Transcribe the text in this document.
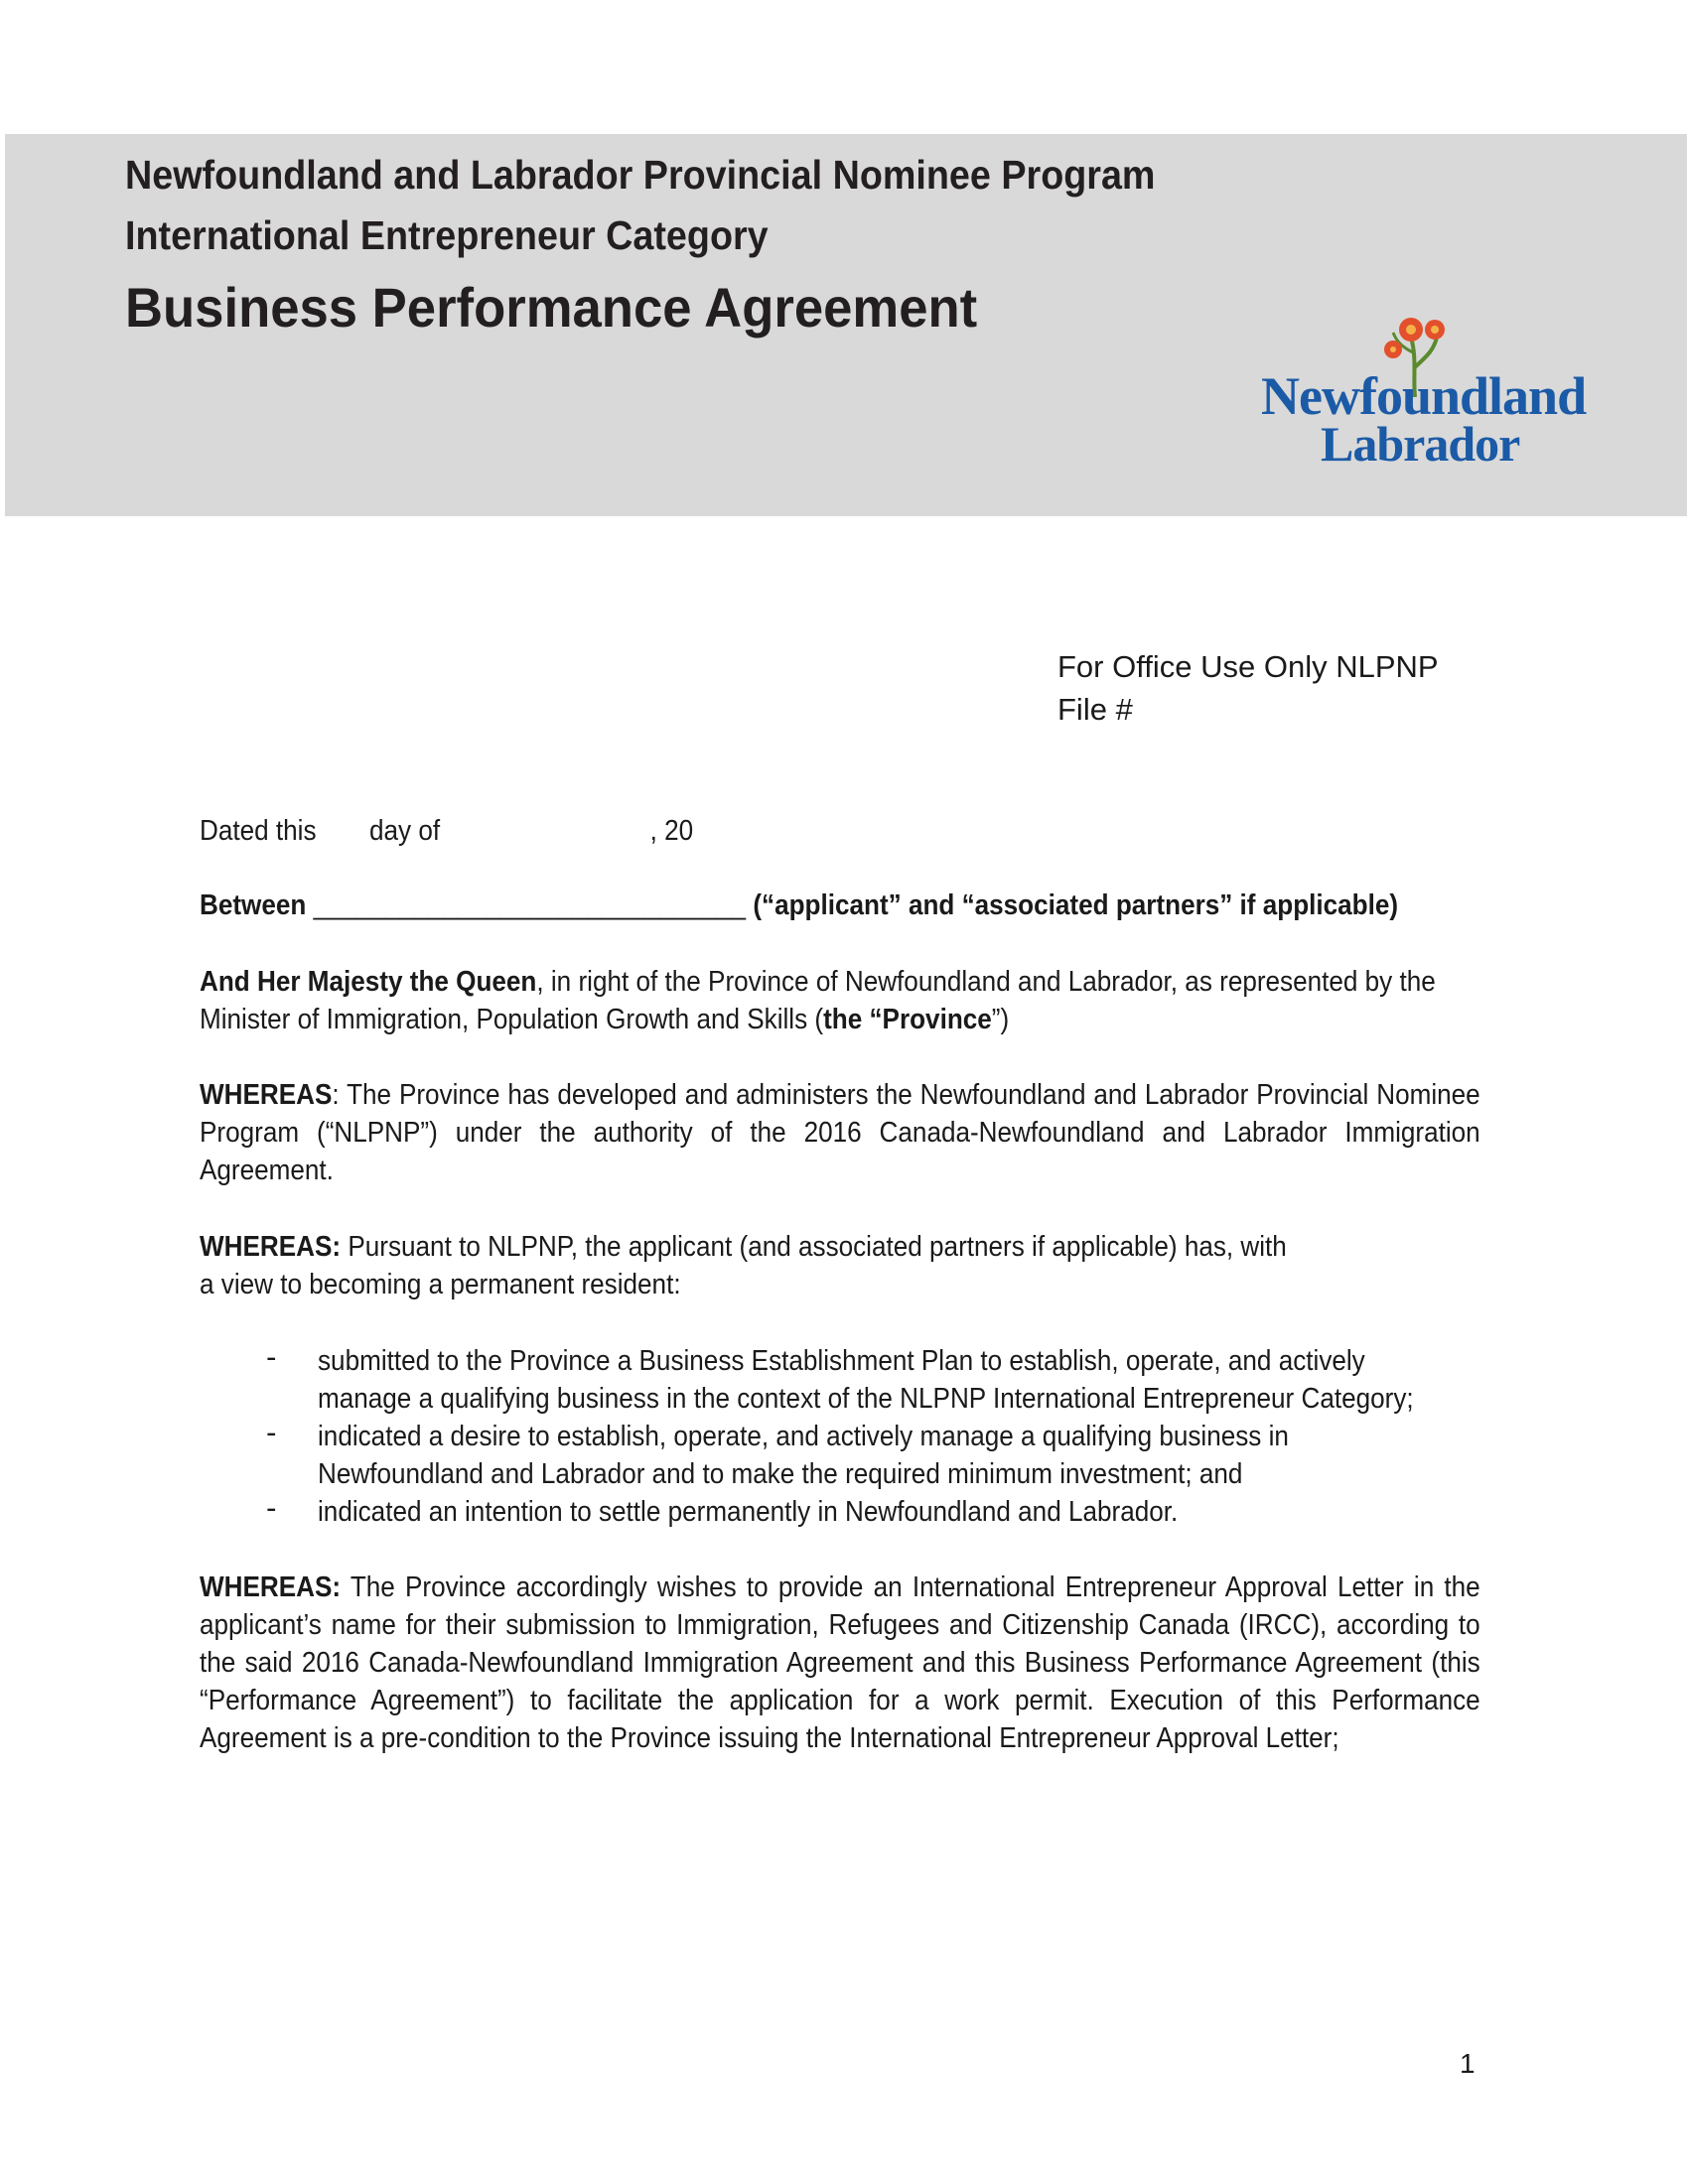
Newfoundland and Labrador Provincial Nominee Program
International Entrepreneur Category
Business Performance Agreement
Newfoundland
Labrador
For Office Use Only NLPNP
File #
Dated this day of	, 20
Between ______________________________ (“applicant” and “associated partners” if applicable)
And Her Majesty the Queen, in right of the Province of Newfoundland and Labrador, as represented by the Minister of Immigration, Population Growth and Skills (the “Province”)
WHEREAS: The Province has developed and administers the Newfoundland and Labrador Provincial Nominee Program (“NLPNP”) under the authority of the 2016 Canada-Newfoundland and Labrador Immigration Agreement.
WHEREAS: Pursuant to NLPNP, the applicant (and associated partners if applicable) has, with a view to becoming a permanent resident:
- submitted to the Province a Business Establishment Plan to establish, operate, and actively manage a qualifying business in the context of the NLPNP International Entrepreneur Category;
- indicated a desire to establish, operate, and actively manage a qualifying business in Newfoundland and Labrador and to make the required minimum investment; and
- indicated an intention to settle permanently in Newfoundland and Labrador.
WHEREAS: The Province accordingly wishes to provide an International Entrepreneur Approval Letter in the applicant’s name for their submission to Immigration, Refugees and Citizenship Canada (IRCC), according to the said 2016 Canada-Newfoundland Immigration Agreement and this Business Performance Agreement (this “Performance Agreement”) to facilitate the application for a work permit. Execution of this Performance Agreement is a pre-condition to the Province issuing the International Entrepreneur Approval Letter;
1
